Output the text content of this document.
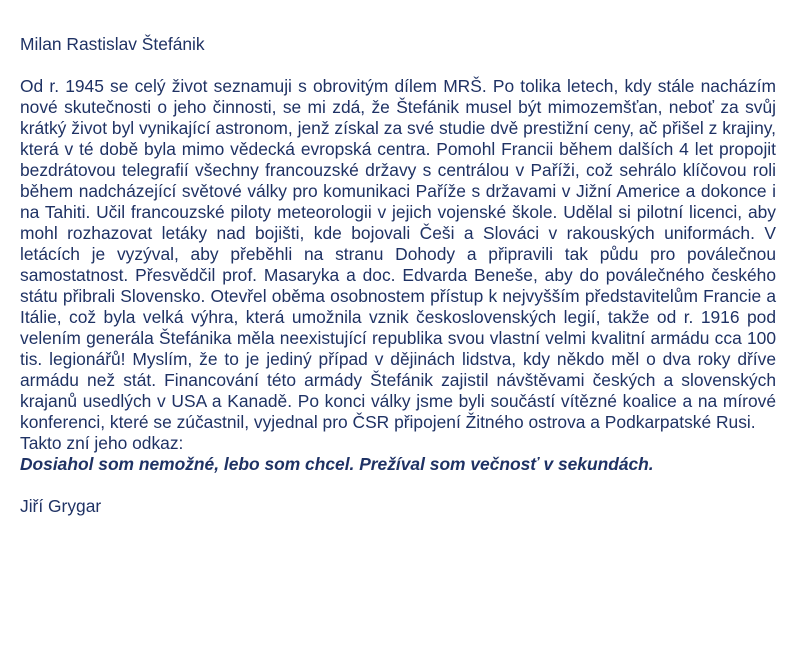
Milan Rastislav Štefánik

Od r. 1945 se celý život seznamuji s obrovitým dílem MRŠ. Po tolika letech, kdy stále nacházím nové skutečnosti o jeho činnosti, se mi zdá, že Štefánik musel být mimozemšťan, neboť za svůj krátký život byl vynikající astronom, jenž získal za své studie dvě prestižní ceny, ač přišel z krajiny, která v té době byla mimo vědecká evropská centra. Pomohl Francii během dalších 4 let propojit bezdrátovou telegrafií všechny francouzské državy s centrálou v Paříži, což sehrálo klíčovou roli během nadcházející světové války pro komunikaci Paříže s državami v Jižní Americe a dokonce i na Tahiti. Učil francouzské piloty meteorologii v jejich vojenské škole. Udělal si pilotní licenci, aby mohl rozhazovat letáky nad bojišti, kde bojovali Češi a Slováci v rakouských uniformách. V letácích je vyzýval, aby přeběhli na stranu Dohody a připravili tak půdu pro poválečnou samostatnost. Přesvědčil prof. Masaryka a doc. Edvarda Beneše, aby do poválečného českého státu přibrali Slovensko. Otevřel oběma osobnostem přístup k nejvyšším představitelům Francie a Itálie, což byla velká výhra, která umožnila vznik československých legií, takže od r. 1916 pod velením generála Štefánika měla neexistující republika svou vlastní velmi kvalitní armádu cca 100 tis. legionářů! Myslím, že to je jediný případ v dějinách lidstva, kdy někdo měl o dva roky dříve armádu než stát. Financování této armády Štefánik zajistil návštěvami českých a slovenských krajanů usedlých v USA a Kanadě. Po konci války jsme byli součástí vítězné koalice a na mírové konferenci, které se zúčastnil, vyjednal pro ČSR připojení Žitného ostrova a Podkarpatské Rusi.

Takto zní jeho odkaz:

Dosiahol som nemožné, lebo som chcel. Prežíval som večnosť v sekundách.

Jiří Grygar
